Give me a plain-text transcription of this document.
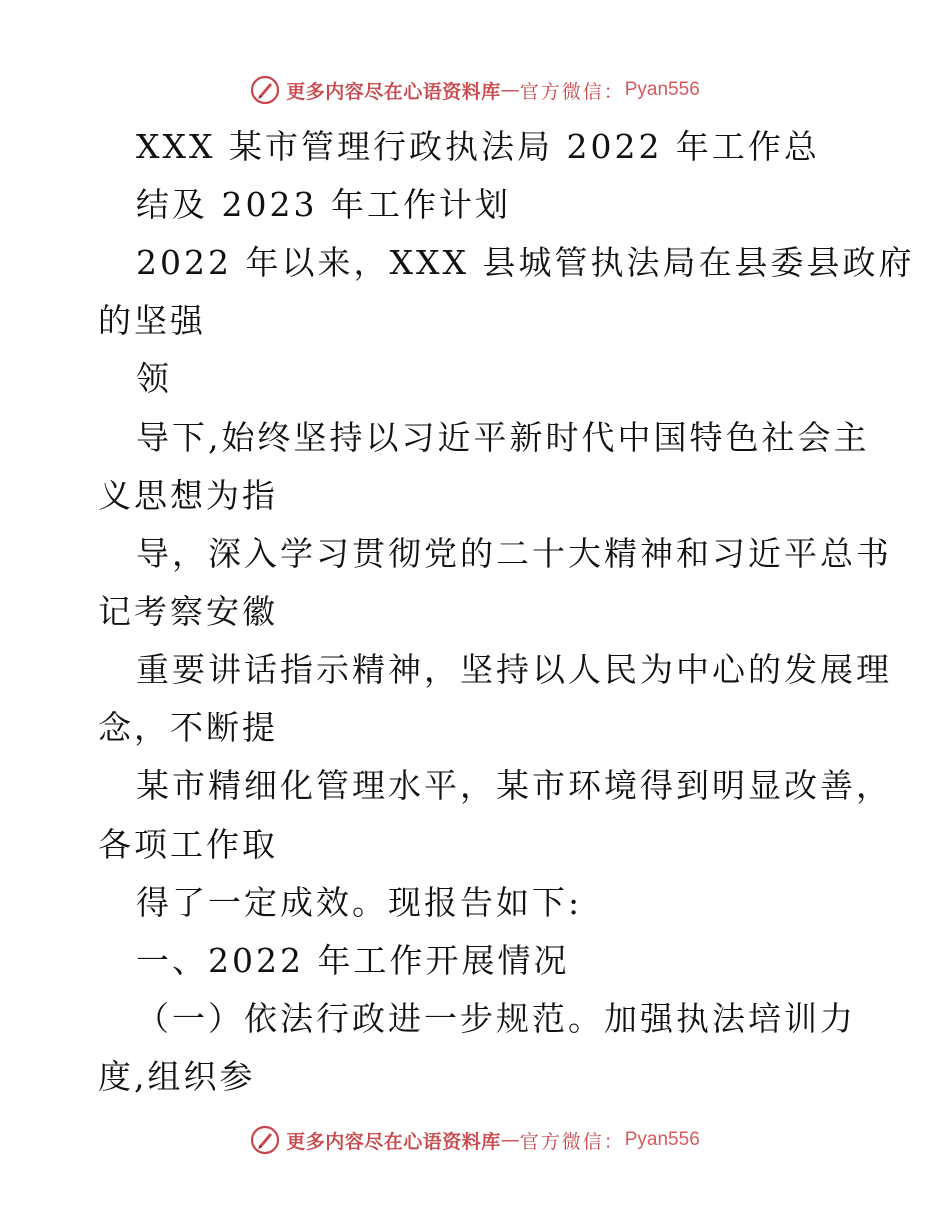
更多内容尽在心语资料库 — 官方微信： Pyan556
XXX 某市管理行政执法局 2022 年工作总
结及 2023 年工作计划
2022 年以来，XXX 县城管执法局在县委县政府
的坚强
领
导下,始终坚持以习近平新时代中国特色社会主
义思想为指
导，深入学习贯彻党的二十大精神和习近平总书
记考察安徽
重要讲话指示精神，坚持以人民为中心的发展理
念，不断提
某市精细化管理水平，某市环境得到明显改善，
各项工作取
得了一定成效。现报告如下:
一、2022 年工作开展情况
（一）依法行政进一步规范。加强执法培训力
度,组织参
更多内容尽在心语资料库 — 官方微信： Pyan556
